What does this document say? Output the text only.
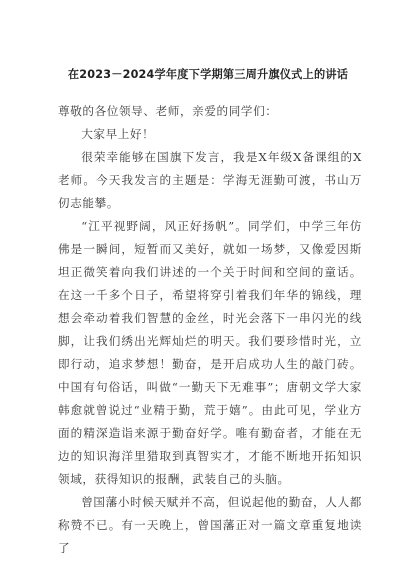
在2023－2024学年度下学期第三周升旗仪式上的讲话

尊敬的各位领导、老师，亲爱的同学们：

大家早上好！

很荣幸能够在国旗下发言，我是X年级X备课组的X老师。今天我发言的主题是：学海无涯勤可渡，书山万仞志能攀。

“江平视野阔，风正好扬帆”。同学们，中学三年仿佛是一瞬间，短暂而又美好，就如一场梦，又像爱因斯坦正微笑着向我们讲述的一个关于时间和空间的童话。在这一千多个日子，希望将穿引着我们年华的锦线，理想会牵动着我们智慧的金丝，时光会落下一串闪光的线脚，让我们绣出光辉灿烂的明天。我们要珍惜时光，立即行动，追求梦想！勤奋，是开启成功人生的敲门砖。中国有句俗话，叫做“一勤天下无难事”；唐朝文学大家韩愈就曾说过“业精于勤，荒于嬉”。由此可见，学业方面的精深造诣来源于勤奋好学。唯有勤奋者，才能在无边的知识海洋里猎取到真智实才，才能不断地开拓知识领域，获得知识的报酬，武装自己的头脑。

曾国藩小时候天赋并不高，但说起他的勤奋，人人都称赞不已。有一天晚上，曾国藩正对一篇文章重复地读了
